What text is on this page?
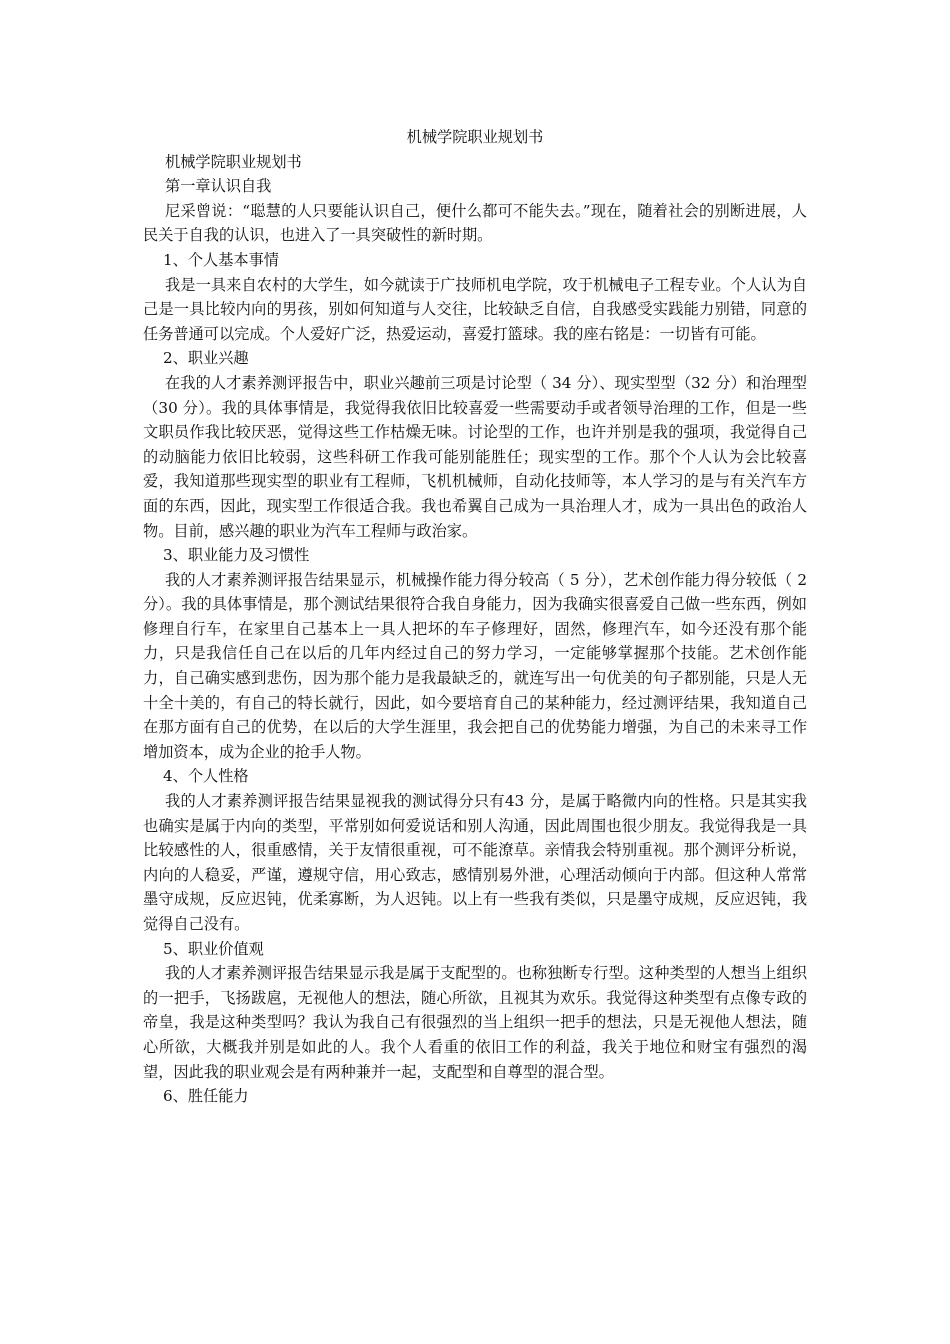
机械学院职业规划书

机械学院职业规划书

第一章认识自我

尼采曾说：“聪慧的人只要能认识自己，便什么都可不能失去。”现在，随着社会的别断进展，人民关于自我的认识，也进入了一具突破性的新时期。

1、个人基本事情

我是一具来自农村的大学生，如今就读于广技师机电学院，攻于机械电子工程专业。个人认为自己是一具比较内向的男孩，别如何知道与人交往，比较缺乏自信，自我感受实践能力别错，同意的任务普通可以完成。个人爱好广泛，热爱运动，喜爱打篮球。我的座右铭是：一切皆有可能。

2、职业兴趣

在我的人才素养测评报告中，职业兴趣前三项是讨论型（ 34 分）、现实型型（32 分）和治理型（30 分）。我的具体事情是，我觉得我依旧比较喜爱一些需要动手或者领导治理的工作，但是一些文职员作我比较厌恶，觉得这些工作枯燥无味。讨论型的工作，也许并别是我的强项，我觉得自己的动脑能力依旧比较弱，这些科研工作我可能别能胜任；现实型的工作。那个个人认为会比较喜爱，我知道那些现实型的职业有工程师，飞机机械师，自动化技师等，本人学习的是与有关汽车方面的东西，因此，现实型工作很适合我。我也希翼自己成为一具治理人才，成为一具出色的政治人物。目前，感兴趣的职业为汽车工程师与政治家。

3、职业能力及习惯性

我的人才素养测评报告结果显示，机械操作能力得分较高（ 5 分），艺术创作能力得分较低（ 2 分）。我的具体事情是，那个测试结果很符合我自身能力，因为我确实很喜爱自己做一些东西，例如修理自行车，在家里自己基本上一具人把坏的车子修理好，固然，修理汽车，如今还没有那个能力，只是我信任自己在以后的几年内经过自己的努力学习，一定能够掌握那个技能。艺术创作能力，自己确实感到悲伤，因为那个能力是我最缺乏的，就连写出一句优美的句子都别能，只是人无十全十美的，有自己的特长就行，因此，如今要培育自己的某种能力，经过测评结果，我知道自己在那方面有自己的优势，在以后的大学生涯里，我会把自己的优势能力增强，为自己的未来寻工作增加资本，成为企业的抢手人物。

4、个人性格

我的人才素养测评报告结果显视我的测试得分只有43 分，是属于略微内向的性格。只是其实我也确实是属于内向的类型，平常别如何爱说话和别人沟通，因此周围也很少朋友。我觉得我是一具比较感性的人，很重感情，关于友情很重视，可不能潦草。亲情我会特别重视。那个测评分析说，内向的人稳妥，严谨，遵规守信，用心致志，感情别易外泄，心理活动倾向于内部。但这种人常常墨守成规，反应迟钝，优柔寡断，为人迟钝。以上有一些我有类似，只是墨守成规，反应迟钝，我觉得自己没有。

5、职业价值观

我的人才素养测评报告结果显示我是属于支配型的。也称独断专行型。这种类型的人想当上组织的一把手，飞扬跋扈，无视他人的想法，随心所欲，且视其为欢乐。我觉得这种类型有点像专政的帝皇，我是这种类型吗？我认为我自己有很强烈的当上组织一把手的想法，只是无视他人想法，随心所欲，大概我并别是如此的人。我个人看重的依旧工作的利益，我关于地位和财宝有强烈的渴望，因此我的职业观会是有两种兼并一起，支配型和自尊型的混合型。

6、胜任能力
